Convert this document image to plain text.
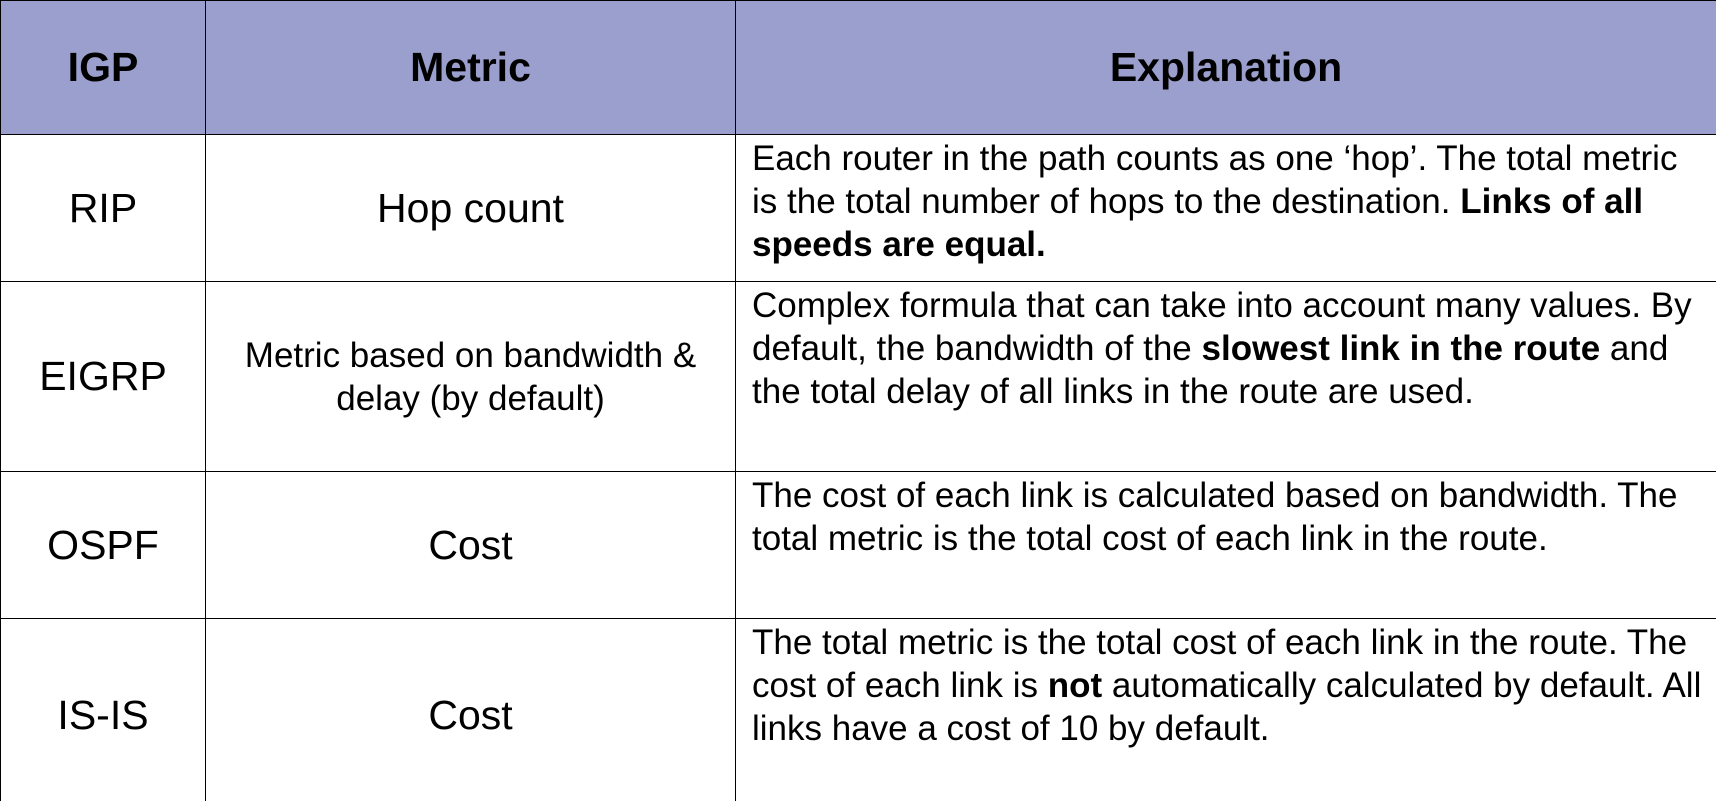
IGP	Metric	Explanation
RIP	Hop count	Each router in the path counts as one ‘hop’. The total metric is the total number of hops to the destination. Links of all speeds are equal.
EIGRP	Metric based on bandwidth & delay (by default)	Complex formula that can take into account many values. By default, the bandwidth of the slowest link in the route and the total delay of all links in the route are used.
OSPF	Cost	The cost of each link is calculated based on bandwidth. The total metric is the total cost of each link in the route.
IS-IS	Cost	The total metric is the total cost of each link in the route. The cost of each link is not automatically calculated by default. All links have a cost of 10 by default.
